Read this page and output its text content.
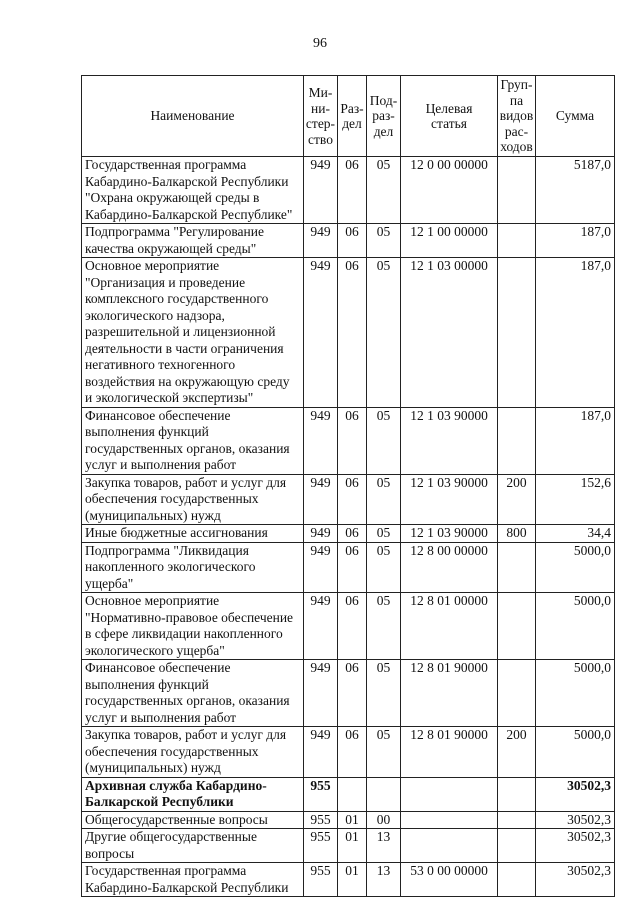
96
Наименование	Ми-
ни-
стер-
ство	Раз-
дел	Под-
раз-
дел	Целевая
статья	Груп-
па
видов
рас-
ходов	Сумма
Государственная программа Кабардино-Балкарской Республики "Охрана окружающей среды в Кабардино-Балкарской Республике"	949	06	05	12 0 00 00000		5187,0
Подпрограмма "Регулирование качества окружающей среды"	949	06	05	12 1 00 00000		187,0
Основное мероприятие "Организация и проведение комплексного государственного экологического надзора, разрешительной и лицензионной деятельности в части ограничения негативного техногенного воздействия на окружающую среду и экологической экспертизы"	949	06	05	12 1 03 00000		187,0
Финансовое обеспечение выполнения функций государственных органов, оказания услуг и выполнения работ	949	06	05	12 1 03 90000		187,0
Закупка товаров, работ и услуг для обеспечения государственных (муниципальных) нужд	949	06	05	12 1 03 90000	200	152,6
Иные бюджетные ассигнования	949	06	05	12 1 03 90000	800	34,4
Подпрограмма "Ликвидация накопленного экологического ущерба"	949	06	05	12 8 00 00000		5000,0
Основное мероприятие "Нормативно-правовое обеспечение в сфере ликвидации накопленного экологического ущерба"	949	06	05	12 8 01 00000		5000,0
Финансовое обеспечение выполнения функций государственных органов, оказания услуг и выполнения работ	949	06	05	12 8 01 90000		5000,0
Закупка товаров, работ и услуг для обеспечения государственных (муниципальных) нужд	949	06	05	12 8 01 90000	200	5000,0
Архивная служба Кабардино-Балкарской Республики	955					30502,3
Общегосударственные вопросы	955	01	00			30502,3
Другие общегосударственные вопросы	955	01	13			30502,3
Государственная программа Кабардино-Балкарской Республики	955	01	13	53 0 00 00000		30502,3
